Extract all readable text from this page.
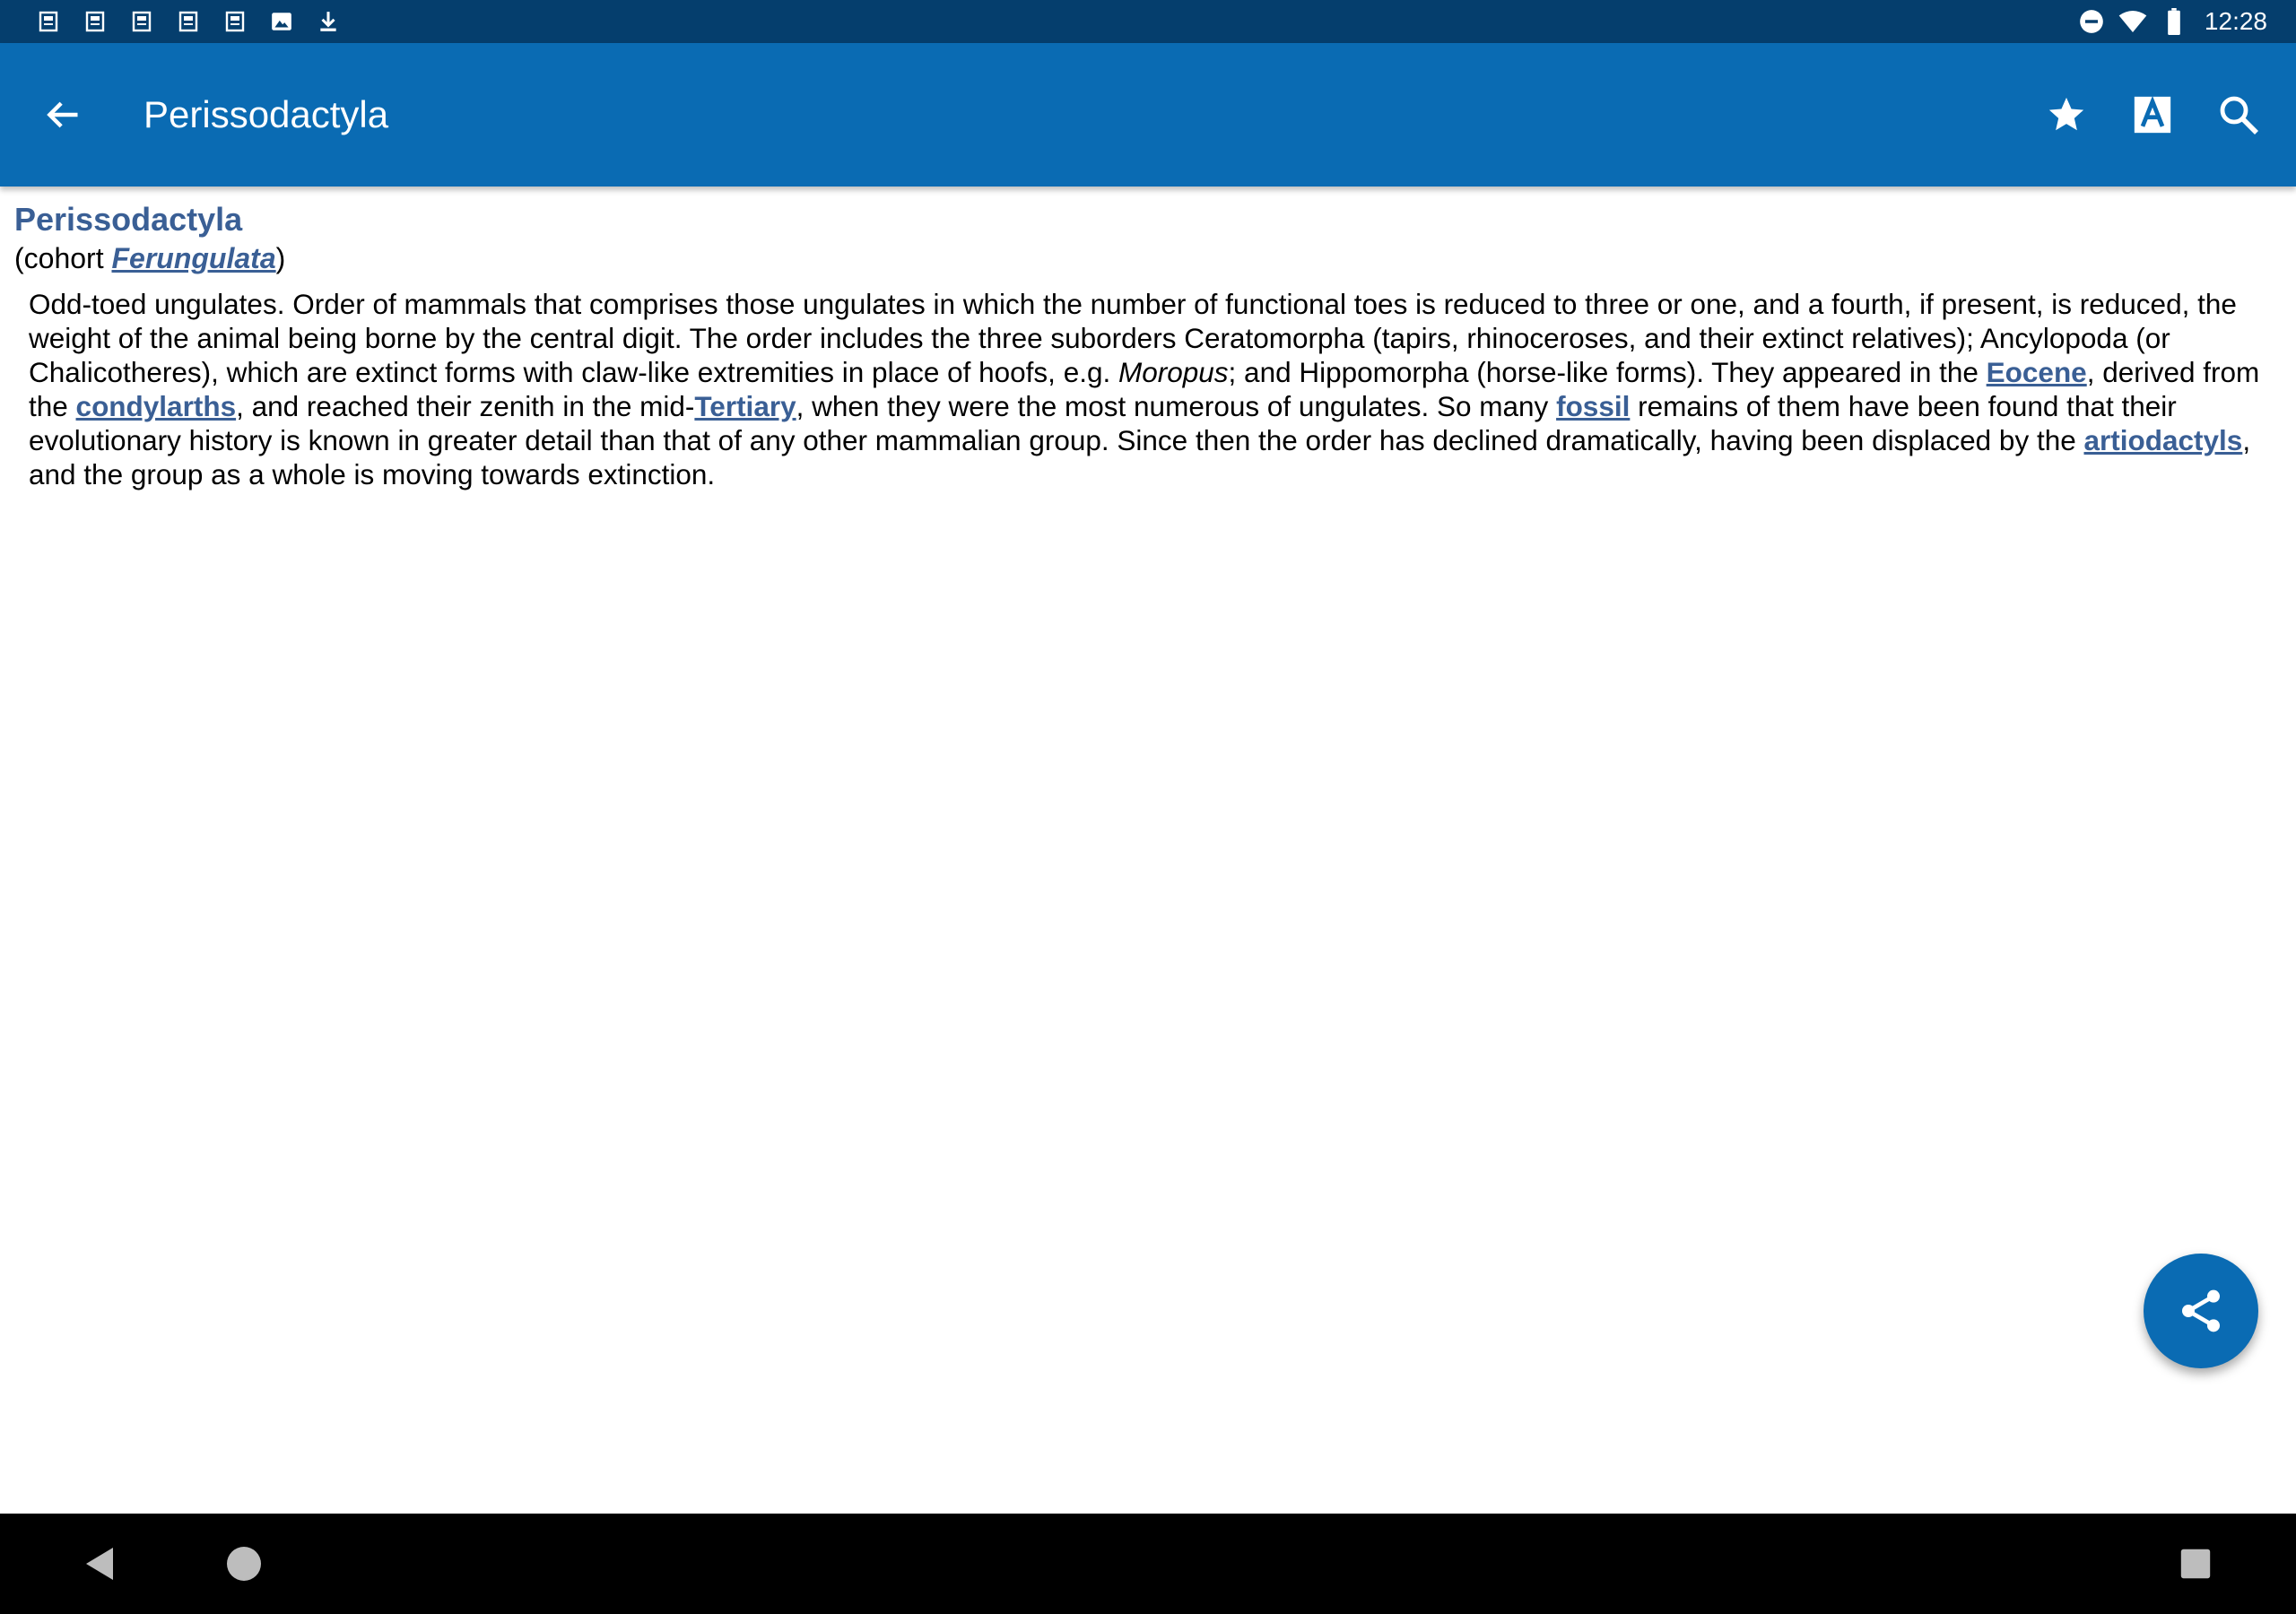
12:28
Perissodactyla
Perissodactyla

(cohort Ferungulata)

Odd-toed ungulates. Order of mammals that comprises those ungulates in which the number of functional toes is reduced to three or one, and a fourth, if present, is reduced, the weight of the animal being borne by the central digit. The order includes the three suborders Ceratomorpha (tapirs, rhinoceroses, and their extinct relatives); Ancylopoda (or Chalicotheres), which are extinct forms with claw-like extremities in place of hoofs, e.g. Moropus; and Hippomorpha (horse-like forms). They appeared in the Eocene, derived from the condylarths, and reached their zenith in the mid-Tertiary, when they were the most numerous of ungulates. So many fossil remains of them have been found that their evolutionary history is known in greater detail than that of any other mammalian group. Since then the order has declined dramatically, having been displaced by the artiodactyls, and the group as a whole is moving towards extinction.
